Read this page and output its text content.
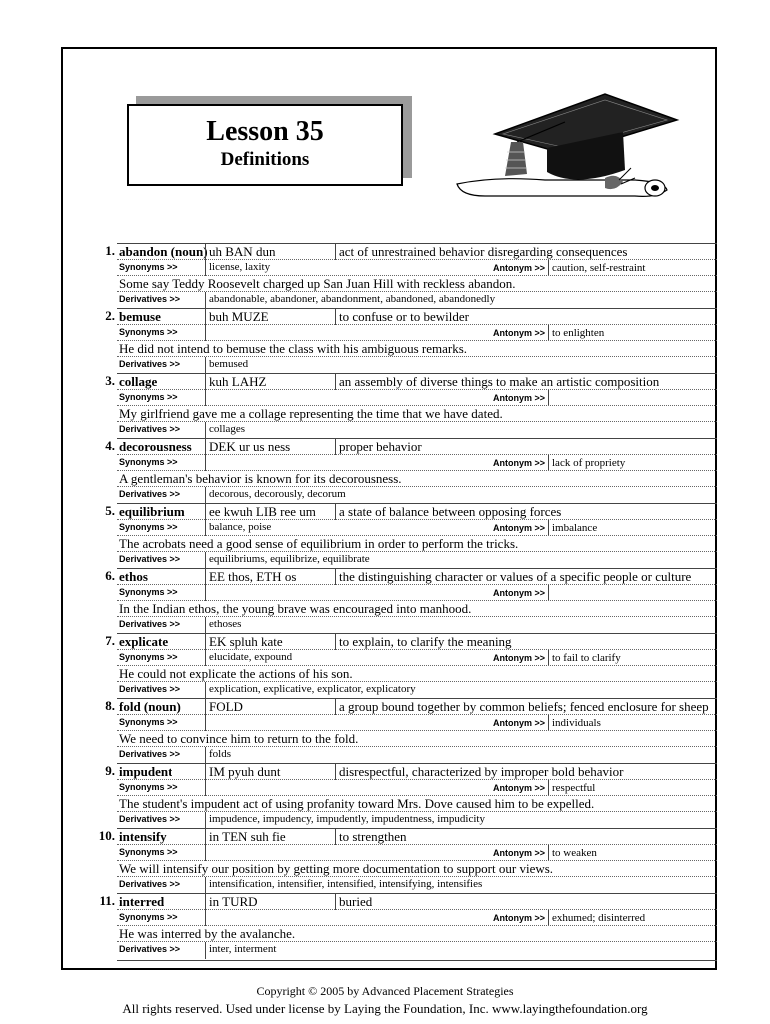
Lesson 35
Definitions
1. abandon (noun) uh BAN dun	act of unrestrained behavior disregarding consequences
Synonyms >>	license, laxity	Antonym >> caution, self-restraint
Some say Teddy Roosevelt charged up San Juan Hill with reckless abandon.
Derivatives >>	abandonable, abandoner, abandonment, abandoned, abandonedly
2. bemuse	buh MUZE	to confuse or to bewilder
Synonyms >>	Antonym >> to enlighten
He did not intend to bemuse the class with his ambiguous remarks.
Derivatives >>	bemused
3. collage	kuh LAHZ	an assembly of diverse things to make an artistic composition
Synonyms >>	Antonym >>
My girlfriend gave me a collage representing the time that we have dated.
Derivatives >>	collages
4. decorousness	DEK ur us ness	proper behavior
Synonyms >>	Antonym >> lack of propriety
A gentleman's behavior is known for its decorousness.
Derivatives >>	decorous, decorously, decorum
5. equilibrium	ee kwuh LIB ree um	a state of balance between opposing forces
Synonyms >>	balance, poise	Antonym >> imbalance
The acrobats need a good sense of equilibrium in order to perform the tricks.
Derivatives >>	equilibriums, equilibrize, equilibrate
6. ethos	EE thos, ETH os	the distinguishing character or values of a specific people or culture
Synonyms >>	Antonym >>
In the Indian ethos, the young brave was encouraged into manhood.
Derivatives >>	ethoses
7. explicate	EK spluh kate	to explain, to clarify the meaning
Synonyms >>	elucidate, expound	Antonym >> to fail to clarify
He could not explicate the actions of his son.
Derivatives >>	explication, explicative, explicator, explicatory
8. fold (noun)	FOLD	a group bound together by common beliefs; fenced enclosure for sheep
Synonyms >>	Antonym >> individuals
We need to convince him to return to the fold.
Derivatives >>	folds
9. impudent	IM pyuh dunt	disrespectful, characterized by improper bold behavior
Synonyms >>	Antonym >> respectful
The student's impudent act of using profanity toward Mrs. Dove caused him to be expelled.
Derivatives >>	impudence, impudency, impudently, impudentness, impudicity
10. intensify	in TEN suh fie	to strengthen
Synonyms >>	Antonym >> to weaken
We will intensify our position by getting more documentation to support our views.
Derivatives >>	intensification, intensifier, intensified, intensifying, intensifies
11. interred	in TURD	buried
Synonyms >>	Antonym >> exhumed; disinterred
He was interred by the avalanche.
Derivatives >>	inter, interment
Copyright © 2005 by Advanced Placement Strategies
All rights reserved. Used under license by Laying the Foundation, Inc. www.layingthefoundation.org
